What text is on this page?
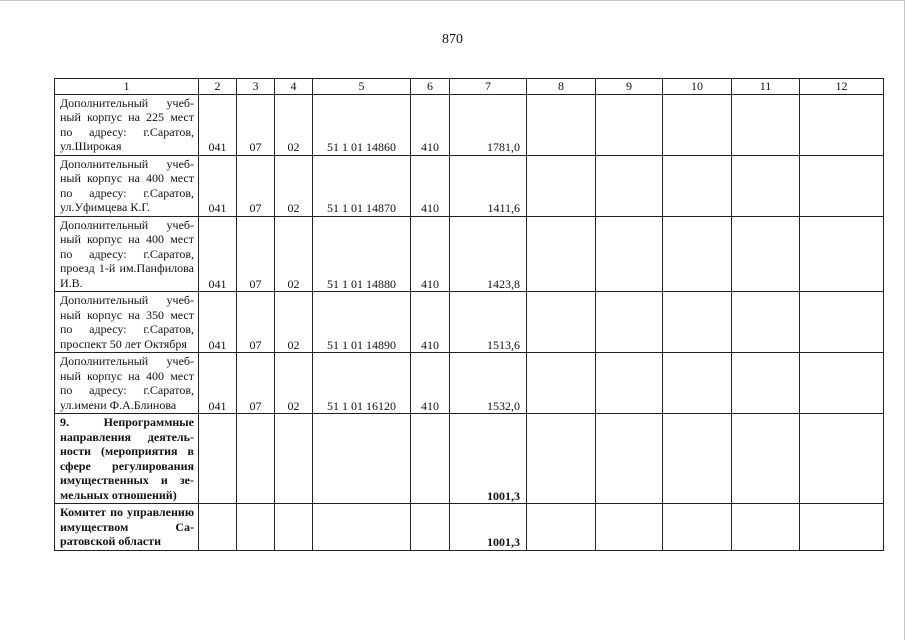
870
1	2	3	4	5	6	7	8	9	10	11	12
Дополнительный учебный корпус на 225 мест по адресу: г.Саратов, ул.Широкая	041	07	02	51 1 01 14860	410	1781,0					
Дополнительный учебный корпус на 400 мест по адресу: г.Саратов, ул.Уфимцева К.Г.	041	07	02	51 1 01 14870	410	1411,6					
Дополнительный учебный корпус на 400 мест по адресу: г.Саратов, проезд 1-й им.Панфилова И.В.	041	07	02	51 1 01 14880	410	1423,8					
Дополнительный учебный корпус на 350 мест по адресу: г.Саратов, проспект 50 лет Октября	041	07	02	51 1 01 14890	410	1513,6					
Дополнительный учебный корпус на 400 мест по адресу: г.Саратов, ул.имени Ф.А.Блинова	041	07	02	51 1 01 16120	410	1532,0					
9. Непрограммные направления деятельности (мероприятия в сфере регулирования имущественных и земельных отношений)						1001,3					
Комитет по управлению имуществом Саратовской области						1001,3					
